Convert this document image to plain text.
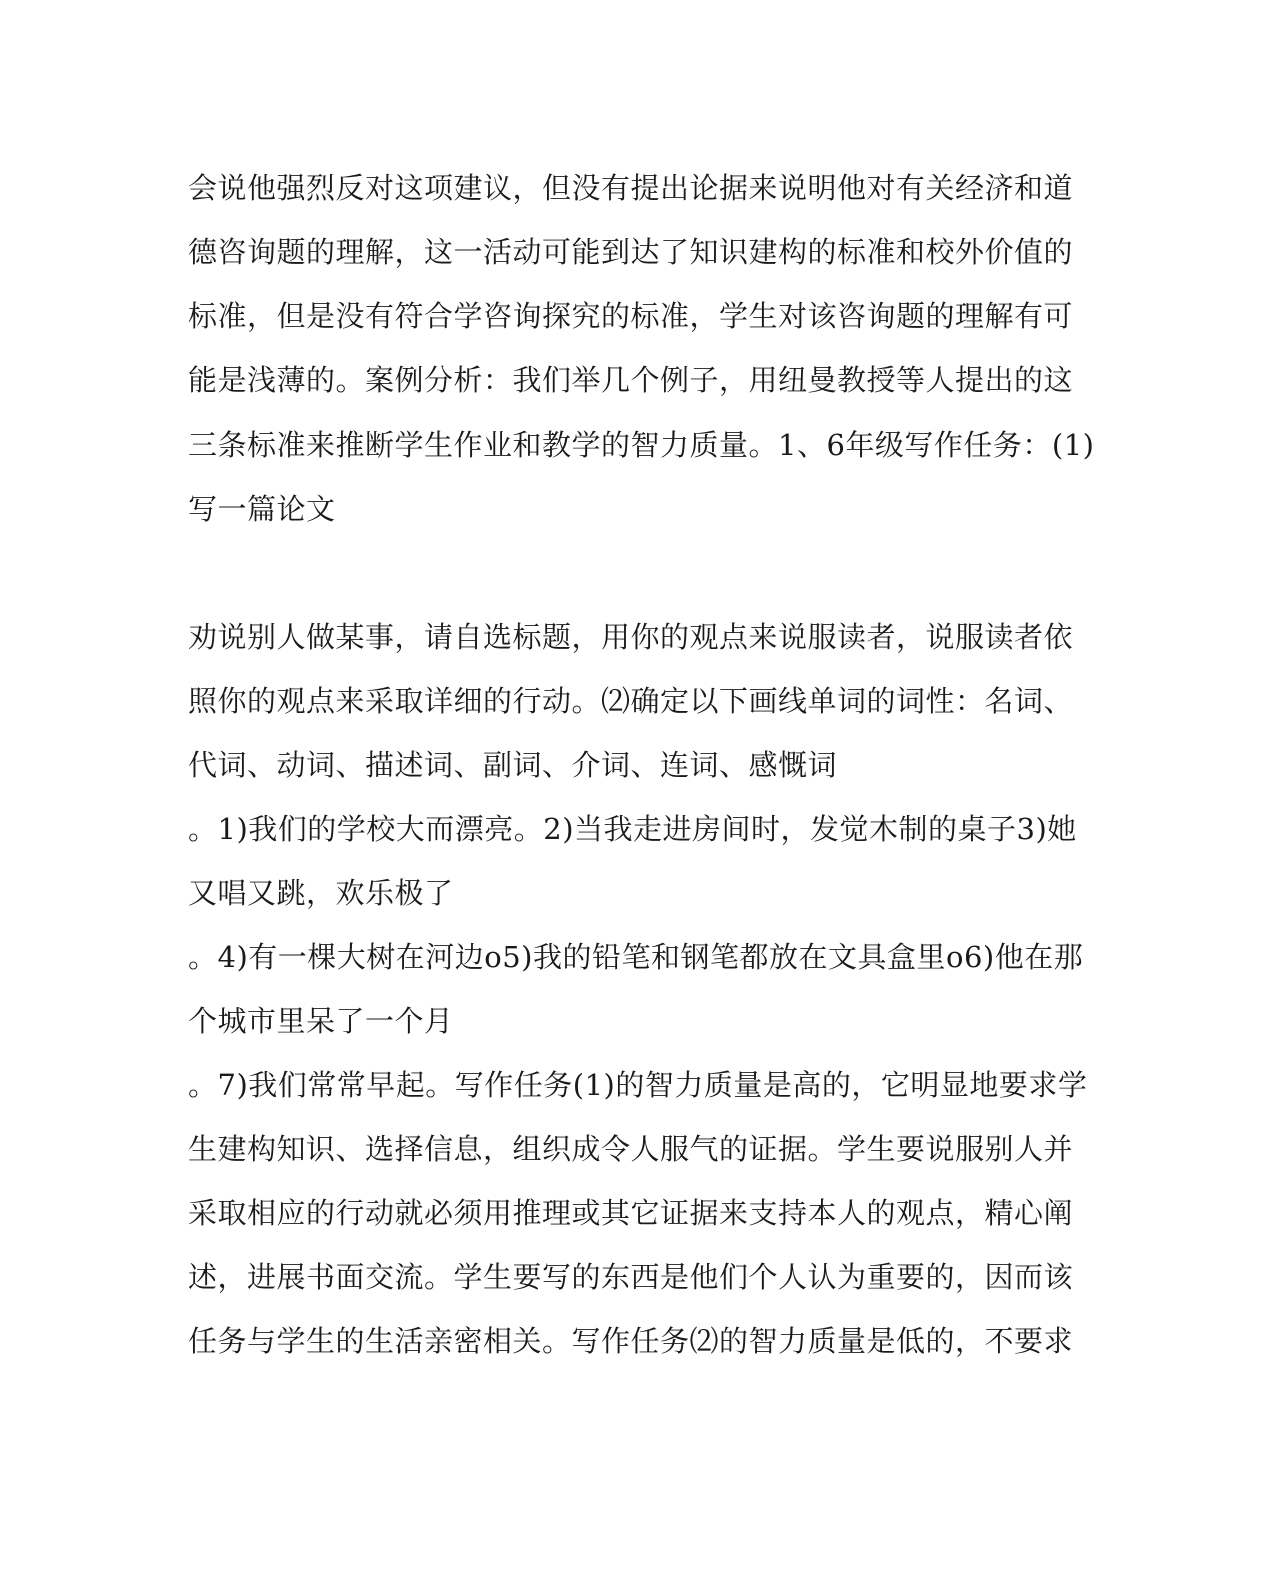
会说他强烈反对这项建议，但没有提出论据来说明他对有关经济和道
德咨询题的理解，这一活动可能到达了知识建构的标准和校外价值的
标准，但是没有符合学咨询探究的标准，学生对该咨询题的理解有可
能是浅薄的。案例分析：我们举几个例子，用纽曼教授等人提出的这
三条标准来推断学生作业和教学的智力质量。1、6年级写作任务：(1)
写一篇论文
劝说别人做某事，请自选标题，用你的观点来说服读者，说服读者依
照你的观点来采取详细的行动。⑵确定以下画线单词的词性：名词、
代词、动词、描述词、副词、介词、连词、感慨词
。1)我们的学校大而漂亮。2)当我走进房间时，发觉木制的桌子3)她
又唱又跳，欢乐极了
。4)有一棵大树在河边o5)我的铅笔和钢笔都放在文具盒里o6)他在那
个城市里呆了一个月
。7)我们常常早起。写作任务(1)的智力质量是高的，它明显地要求学
生建构知识、选择信息，组织成令人服气的证据。学生要说服别人并
采取相应的行动就必须用推理或其它证据来支持本人的观点，精心阐
述，进展书面交流。学生要写的东西是他们个人认为重要的，因而该
任务与学生的生活亲密相关。写作任务⑵的智力质量是低的，不要求
